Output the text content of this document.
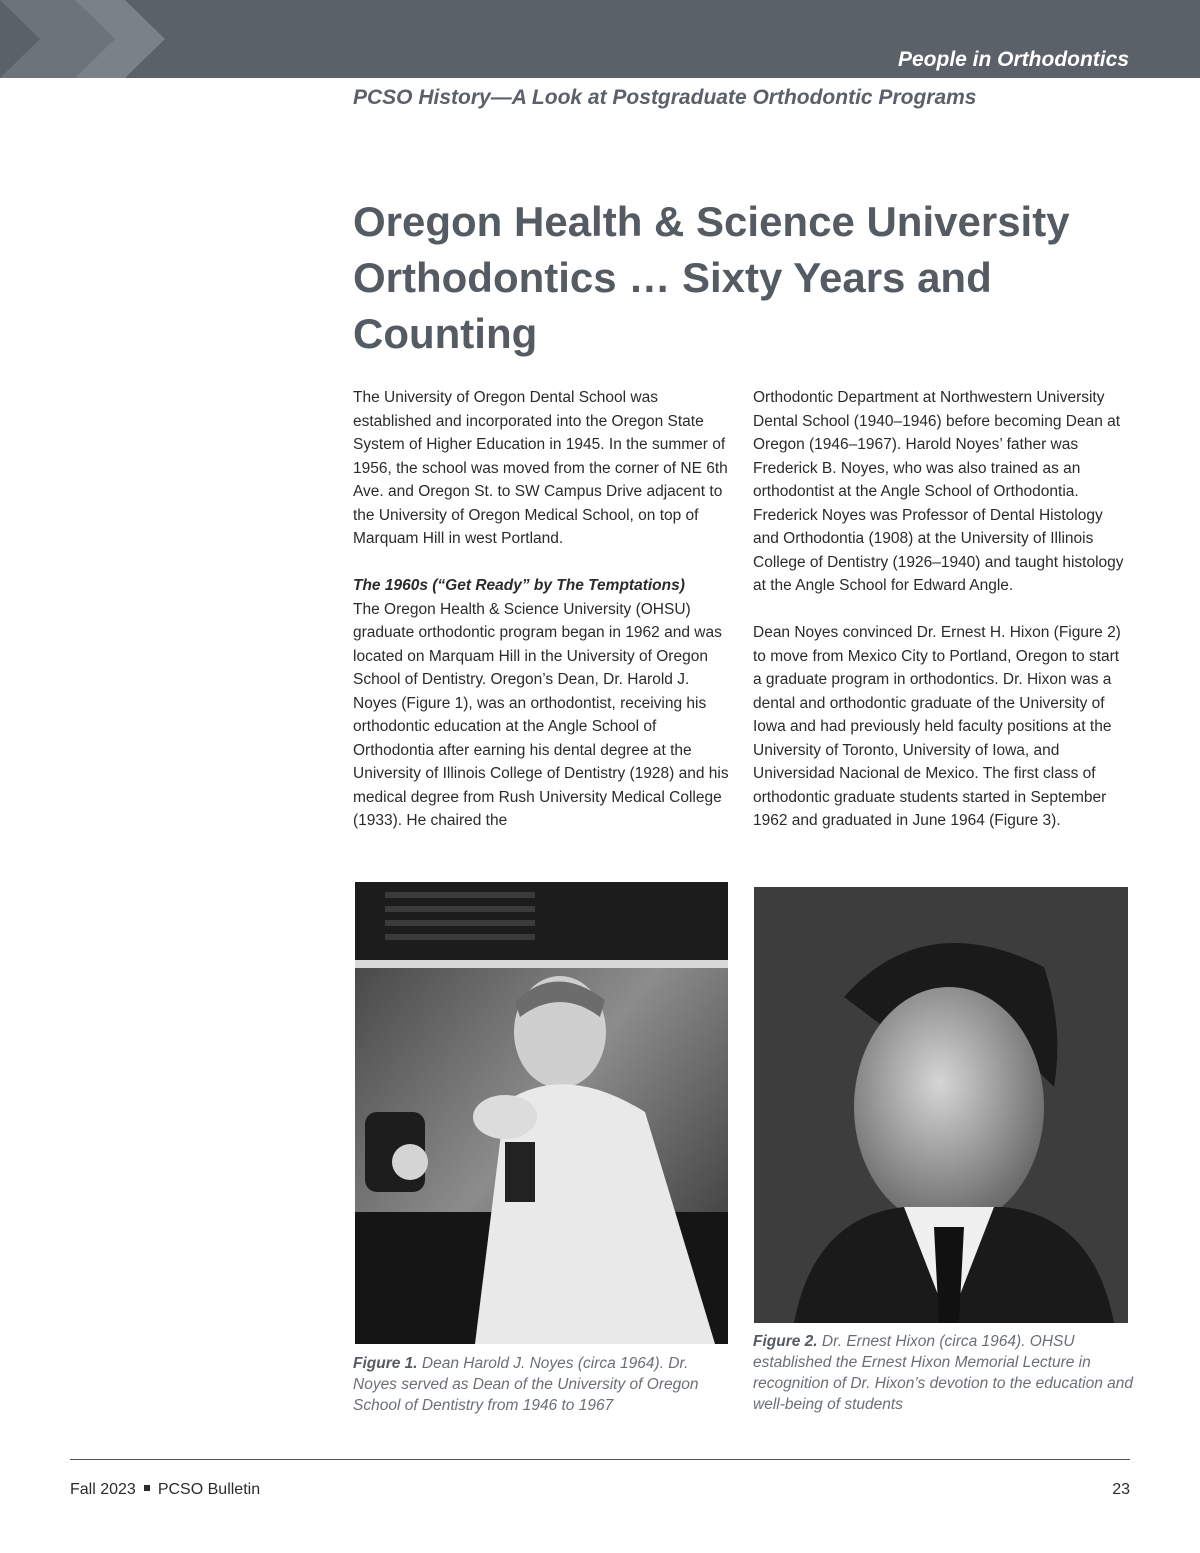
People in Orthodontics
PCSO History—A Look at Postgraduate Orthodontic Programs
Oregon Health & Science University Orthodontics … Sixty Years and Counting

The University of Oregon Dental School was established and incorporated into the Oregon State System of Higher Education in 1945. In the summer of 1956, the school was moved from the corner of NE 6th Ave. and Oregon St. to SW Campus Drive adjacent to the University of Oregon Medical School, on top of Marquam Hill in west Portland.

The 1960s (“Get Ready” by The Temptations)
The Oregon Health & Science University (OHSU) graduate orthodontic program began in 1962 and was located on Marquam Hill in the University of Oregon School of Dentistry. Oregon’s Dean, Dr. Harold J. Noyes (Figure 1), was an orthodontist, receiving his orthodontic education at the Angle School of Orthodontia after earning his dental degree at the University of Illinois College of Dentistry (1928) and his medical degree from Rush University Medical College (1933). He chaired the

Orthodontic Department at Northwestern University Dental School (1940–1946) before becoming Dean at Oregon (1946–1967). Harold Noyes’ father was Frederick B. Noyes, who was also trained as an orthodontist at the Angle School of Orthodontia. Frederick Noyes was Professor of Dental Histology and Orthodontia (1908) at the University of Illinois College of Dentistry (1926–1940) and taught histology at the Angle School for Edward Angle.

Dean Noyes convinced Dr. Ernest H. Hixon (Figure 2) to move from Mexico City to Portland, Oregon to start a graduate program in orthodontics. Dr. Hixon was a dental and orthodontic graduate of the University of Iowa and had previously held faculty positions at the University of Toronto, University of Iowa, and Universidad Nacional de Mexico. The first class of orthodontic graduate students started in September 1962 and graduated in June 1964 (Figure 3).

Figure 1. Dean Harold J. Noyes (circa 1964). Dr. Noyes served as Dean of the University of Oregon School of Dentistry from 1946 to 1967
Figure 2. Dr. Ernest Hixon (circa 1964). OHSU established the Ernest Hixon Memorial Lecture in recognition of Dr. Hixon’s devotion to the education and well-being of students
Fall 2023 PCSO Bulletin	23
